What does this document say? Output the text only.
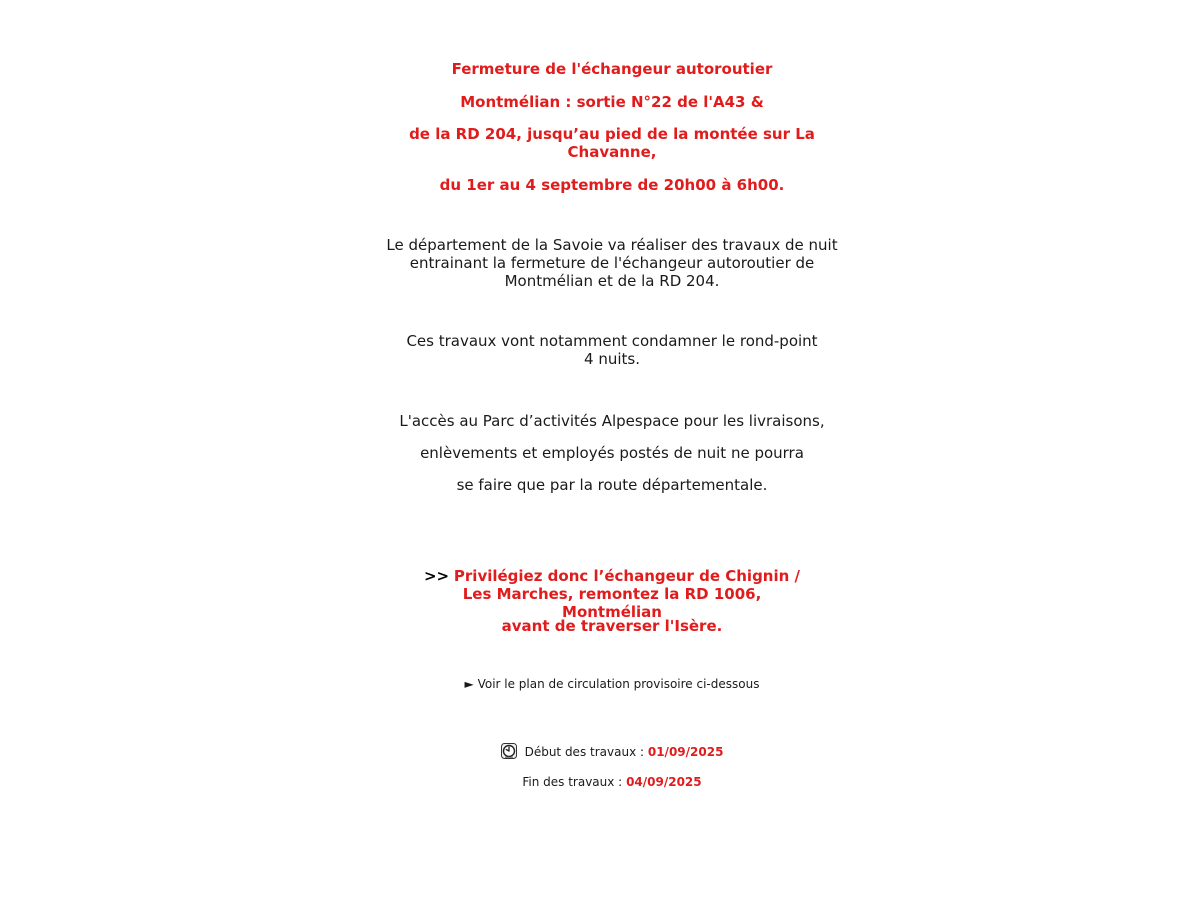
Fermeture de l'échangeur autoroutier
Montmélian : sortie N°22 de l'A43 &
de la RD 204, jusqu’au pied de la montée sur La Chavanne,
du 1er au 4 septembre de 20h00 à 6h00.
Le département de la Savoie va réaliser des travaux de nuit entrainant la fermeture de l'échangeur autoroutier de Montmélian et de la RD 204.
Ces travaux vont notamment condamner le rond-point 4 nuits.
L'accès au Parc d’activités Alpespace pour les livraisons,
enlèvements et employés postés de nuit ne pourra
se faire que par la route départementale.
>> Privilégiez donc l’échangeur de Chignin / Les Marches, remontez la RD 1006, Montmélian
avant de traverser l'Isère.
► Voir le plan de circulation provisoire ci-dessous
Début des travaux : 01/09/2025
Fin des travaux : 04/09/2025
